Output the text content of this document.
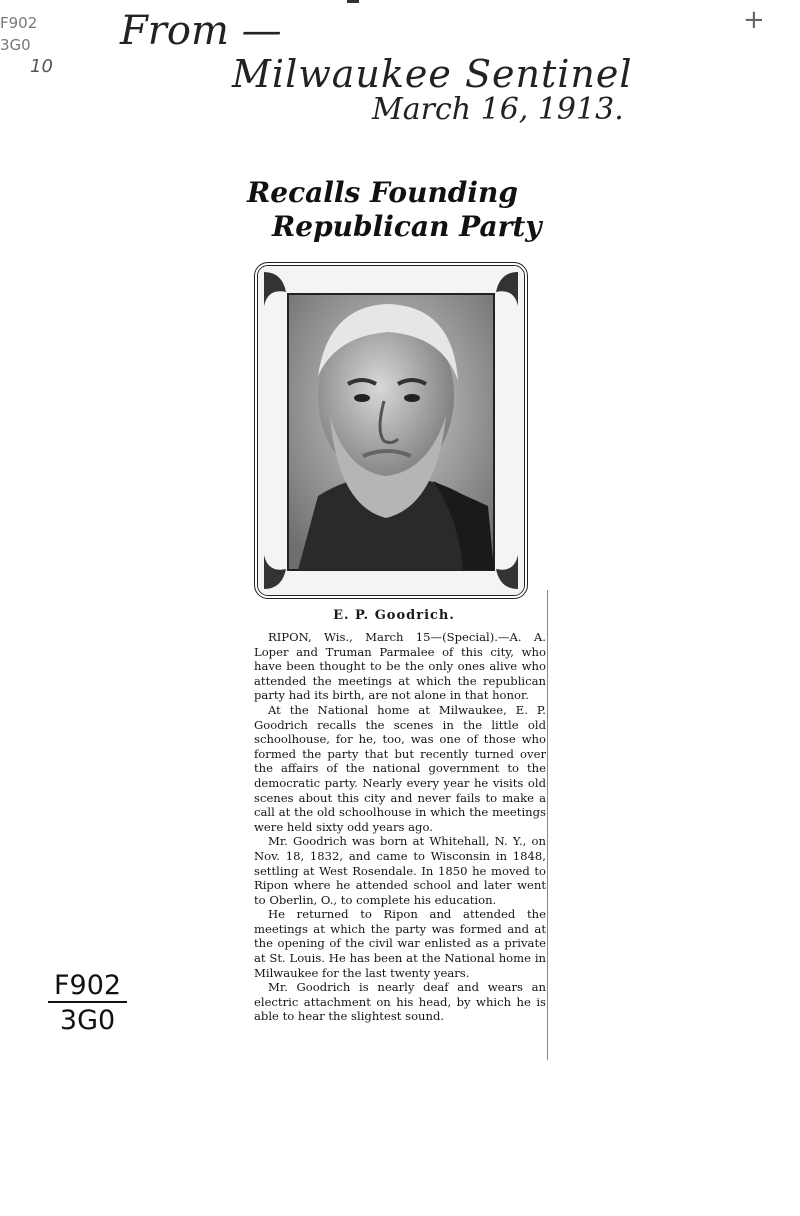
F902
3G0
10
+
From —
Milwaukee Sentinel
March 16, 1913.
Recalls Founding
Republican Party
E. P. Goodrich.

RIPON, Wis., March 15—(Special).—A. A. Loper and Truman Parmalee of this city, who have been thought to be the only ones alive who attended the meetings at which the republican party had its birth, are not alone in that honor.

At the National home at Milwaukee, E. P. Goodrich recalls the scenes in the little old schoolhouse, for he, too, was one of those who formed the party that but recently turned over the affairs of the national government to the democratic party. Nearly every year he visits old scenes about this city and never fails to make a call at the old schoolhouse in which the meetings were held sixty odd years ago.

Mr. Goodrich was born at Whitehall, N. Y., on Nov. 18, 1832, and came to Wisconsin in 1848, settling at West Rosendale. In 1850 he moved to Ripon where he attended school and later went to Oberlin, O., to complete his education.

He returned to Ripon and attended the meetings at which the party was formed and at the opening of the civil war enlisted as a private at St. Louis. He has been at the National home in Milwaukee for the last twenty years.

Mr. Goodrich is nearly deaf and wears an electric attachment on his head, by which he is able to hear the slightest sound.

$\frac{F902}{3G0}$
